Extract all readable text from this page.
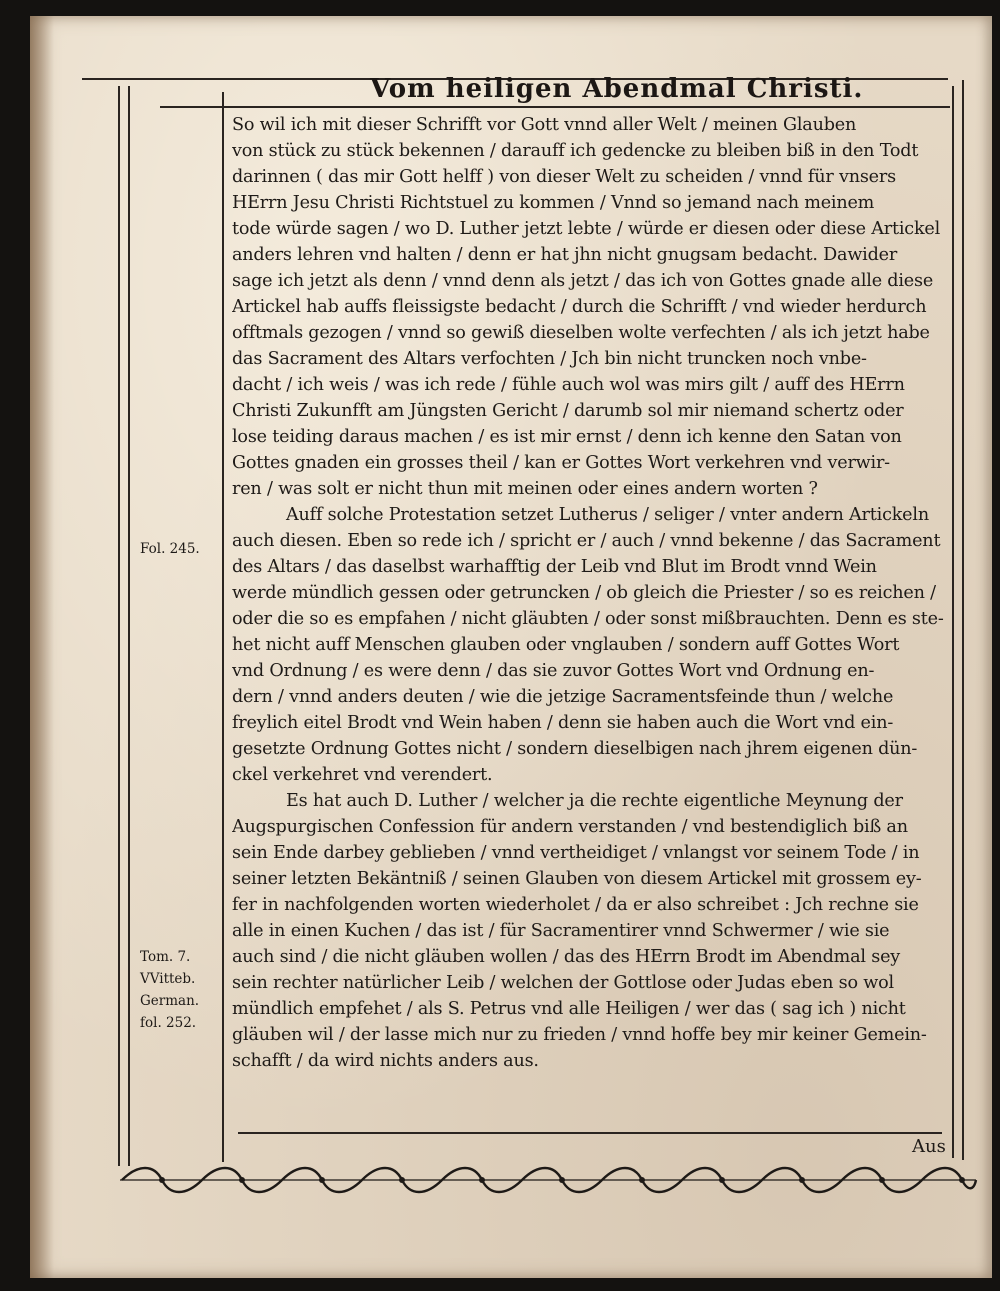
Vom heiligen Abendmal Christi.
Fol. 245.
Tom. 7.
VVitteb.
German.
fol. 252.
So wil ich mit dieser Schrifft vor Gott vnnd aller Welt / meinen Glauben
von stück zu stück bekennen / darauff ich gedencke zu bleiben biß in den Todt
darinnen ( das mir Gott helff ) von dieser Welt zu scheiden / vnnd für vnsers
HErrn Jesu Christi Richtstuel zu kommen / Vnnd so jemand nach meinem
tode würde sagen / wo D. Luther jetzt lebte / würde er diesen oder diese Artickel
anders lehren vnd halten / denn er hat jhn nicht gnugsam bedacht. Dawider
sage ich jetzt als denn / vnnd denn als jetzt / das ich von Gottes gnade alle diese
Artickel hab auffs fleissigste bedacht / durch die Schrifft / vnd wieder herdurch
offtmals gezogen / vnnd so gewiß dieselben wolte verfechten / als ich jetzt habe
das Sacrament des Altars verfochten / Jch bin nicht truncken noch vnbe-
dacht / ich weis / was ich rede / fühle auch wol was mirs gilt / auff des HErrn
Christi Zukunfft am Jüngsten Gericht / darumb sol mir niemand schertz oder
lose teiding daraus machen / es ist mir ernst / denn ich kenne den Satan von
Gottes gnaden ein grosses theil / kan er Gottes Wort verkehren vnd verwir-
ren / was solt er nicht thun mit meinen oder eines andern worten ?
Auff solche Protestation setzet Lutherus / seliger / vnter andern Artickeln
auch diesen. Eben so rede ich / spricht er / auch / vnnd bekenne / das Sacrament
des Altars / das daselbst warhafftig der Leib vnd Blut im Brodt vnnd Wein
werde mündlich gessen oder getruncken / ob gleich die Priester / so es reichen /
oder die so es empfahen / nicht gläubten / oder sonst mißbrauchten. Denn es ste-
het nicht auff Menschen glauben oder vnglauben / sondern auff Gottes Wort
vnd Ordnung / es were denn / das sie zuvor Gottes Wort vnd Ordnung en-
dern / vnnd anders deuten / wie die jetzige Sacramentsfeinde thun / welche
freylich eitel Brodt vnd Wein haben / denn sie haben auch die Wort vnd ein-
gesetzte Ordnung Gottes nicht / sondern dieselbigen nach jhrem eigenen dün-
ckel verkehret vnd verendert.
Es hat auch D. Luther / welcher ja die rechte eigentliche Meynung der
Augspurgischen Confession für andern verstanden / vnd bestendiglich biß an
sein Ende darbey geblieben / vnnd vertheidiget / vnlangst vor seinem Tode / in
seiner letzten Bekäntniß / seinen Glauben von diesem Artickel mit grossem ey-
fer in nachfolgenden worten wiederholet / da er also schreibet : Jch rechne sie
alle in einen Kuchen / das ist / für Sacramentirer vnnd Schwermer / wie sie
auch sind / die nicht gläuben wollen / das des HErrn Brodt im Abendmal sey
sein rechter natürlicher Leib / welchen der Gottlose oder Judas eben so wol
mündlich empfehet / als S. Petrus vnd alle Heiligen / wer das ( sag ich ) nicht
gläuben wil / der lasse mich nur zu frieden / vnnd hoffe bey mir keiner Gemein-
schafft / da wird nichts anders aus.
Aus
